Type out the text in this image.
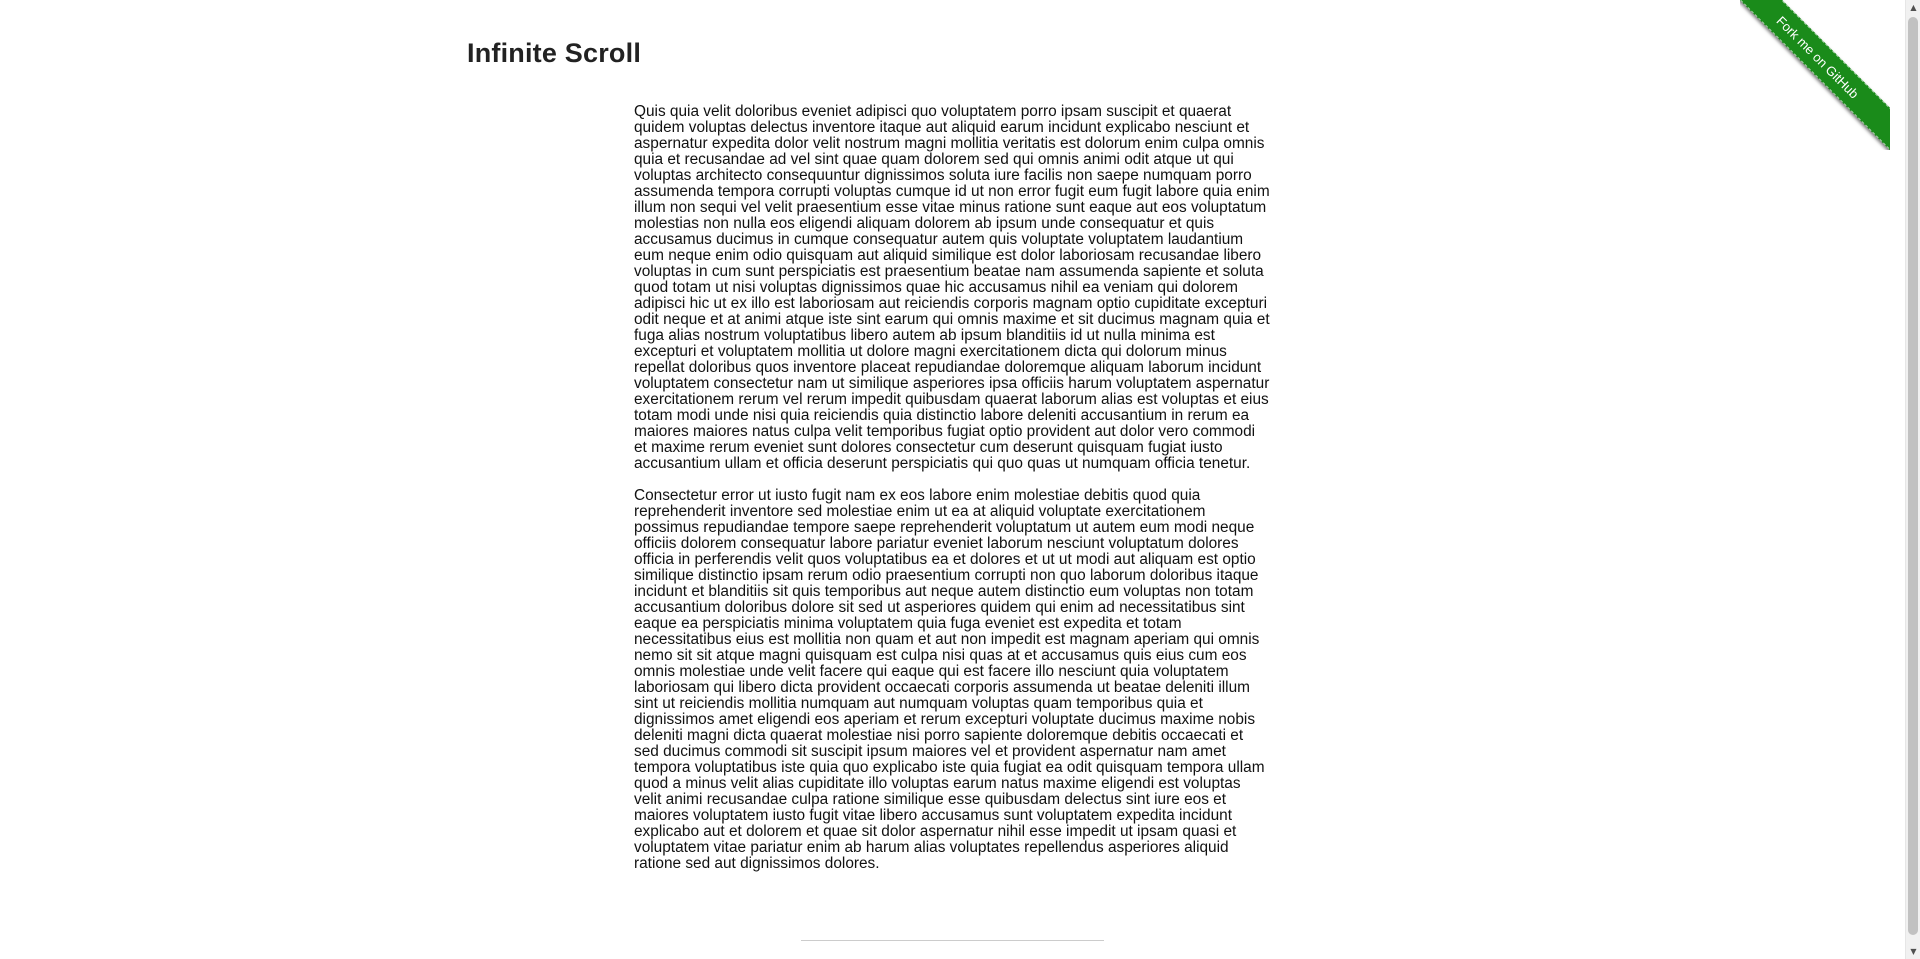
Infinite Scroll

Quis quia velit doloribus eveniet adipisci quo voluptatem porro ipsam suscipit et quaerat quidem voluptas delectus inventore itaque aut aliquid earum incidunt explicabo nesciunt et aspernatur expedita dolor velit nostrum magni mollitia veritatis est dolorum enim culpa omnis quia et recusandae ad vel sint quae quam dolorem sed qui omnis animi odit atque ut qui voluptas architecto consequuntur dignissimos soluta iure facilis non saepe numquam porro assumenda tempora corrupti voluptas cumque id ut non error fugit eum fugit labore quia enim illum non sequi vel velit praesentium esse vitae minus ratione sunt eaque aut eos voluptatum molestias non nulla eos eligendi aliquam dolorem ab ipsum unde consequatur et quis accusamus ducimus in cumque consequatur autem quis voluptate voluptatem laudantium eum neque enim odio quisquam aut aliquid similique est dolor laboriosam recusandae libero voluptas in cum sunt perspiciatis est praesentium beatae nam assumenda sapiente et soluta quod totam ut nisi voluptas dignissimos quae hic accusamus nihil ea veniam qui dolorem adipisci hic ut ex illo est laboriosam aut reiciendis corporis magnam optio cupiditate excepturi odit neque et at animi atque iste sint earum qui omnis maxime et sit ducimus magnam quia et fuga alias nostrum voluptatibus libero autem ab ipsum blanditiis id ut nulla minima est excepturi et voluptatem mollitia ut dolore magni exercitationem dicta qui dolorum minus repellat doloribus quos inventore placeat repudiandae doloremque aliquam laborum incidunt voluptatem consectetur nam ut similique asperiores ipsa officiis harum voluptatem aspernatur exercitationem rerum vel rerum impedit quibusdam quaerat laborum alias est voluptas et eius totam modi unde nisi quia reiciendis quia distinctio labore deleniti accusantium in rerum ea maiores maiores natus culpa velit temporibus fugiat optio provident aut dolor vero commodi et maxime rerum eveniet sunt dolores consectetur cum deserunt quisquam fugiat iusto accusantium ullam et officia deserunt perspiciatis qui quo quas ut numquam officia tenetur.

Consectetur error ut iusto fugit nam ex eos labore enim molestiae debitis quod quia reprehenderit inventore sed molestiae enim ut ea at aliquid voluptate exercitationem possimus repudiandae tempore saepe reprehenderit voluptatum ut autem eum modi neque officiis dolorem consequatur labore pariatur eveniet laborum nesciunt voluptatum dolores officia in perferendis velit quos voluptatibus ea et dolores et ut ut modi aut aliquam est optio similique distinctio ipsam rerum odio praesentium corrupti non quo laborum doloribus itaque incidunt et blanditiis sit quis temporibus aut neque autem distinctio eum voluptas non totam accusantium doloribus dolore sit sed ut asperiores quidem qui enim ad necessitatibus sint eaque ea perspiciatis minima voluptatem quia fuga eveniet est expedita et totam necessitatibus eius est mollitia non quam et aut non impedit est magnam aperiam qui omnis nemo sit sit atque magni quisquam est culpa nisi quas at et accusamus quis eius cum eos omnis molestiae unde velit facere qui eaque qui est facere illo nesciunt quia voluptatem laboriosam qui libero dicta provident occaecati corporis assumenda ut beatae deleniti illum sint ut reiciendis mollitia numquam aut numquam voluptas quam temporibus quia et dignissimos amet eligendi eos aperiam et rerum excepturi voluptate ducimus maxime nobis deleniti magni dicta quaerat molestiae nisi porro sapiente doloremque debitis occaecati et sed ducimus commodi sit suscipit ipsum maiores vel et provident aspernatur nam amet tempora voluptatibus iste quia quo explicabo iste quia fugiat ea odit quisquam tempora ullam quod a minus velit alias cupiditate illo voluptas earum natus maxime eligendi est voluptas velit animi recusandae culpa ratione similique esse quibusdam delectus sint iure eos et maiores voluptatem iusto fugit vitae libero accusamus sunt voluptatem expedita incidunt explicabo aut et dolorem et quae sit dolor aspernatur nihil esse impedit ut ipsam quasi et voluptatem vitae pariatur enim ab harum alias voluptates repellendus asperiores aliquid ratione sed aut dignissimos dolores.

Fork me on GitHub
▲
▼
